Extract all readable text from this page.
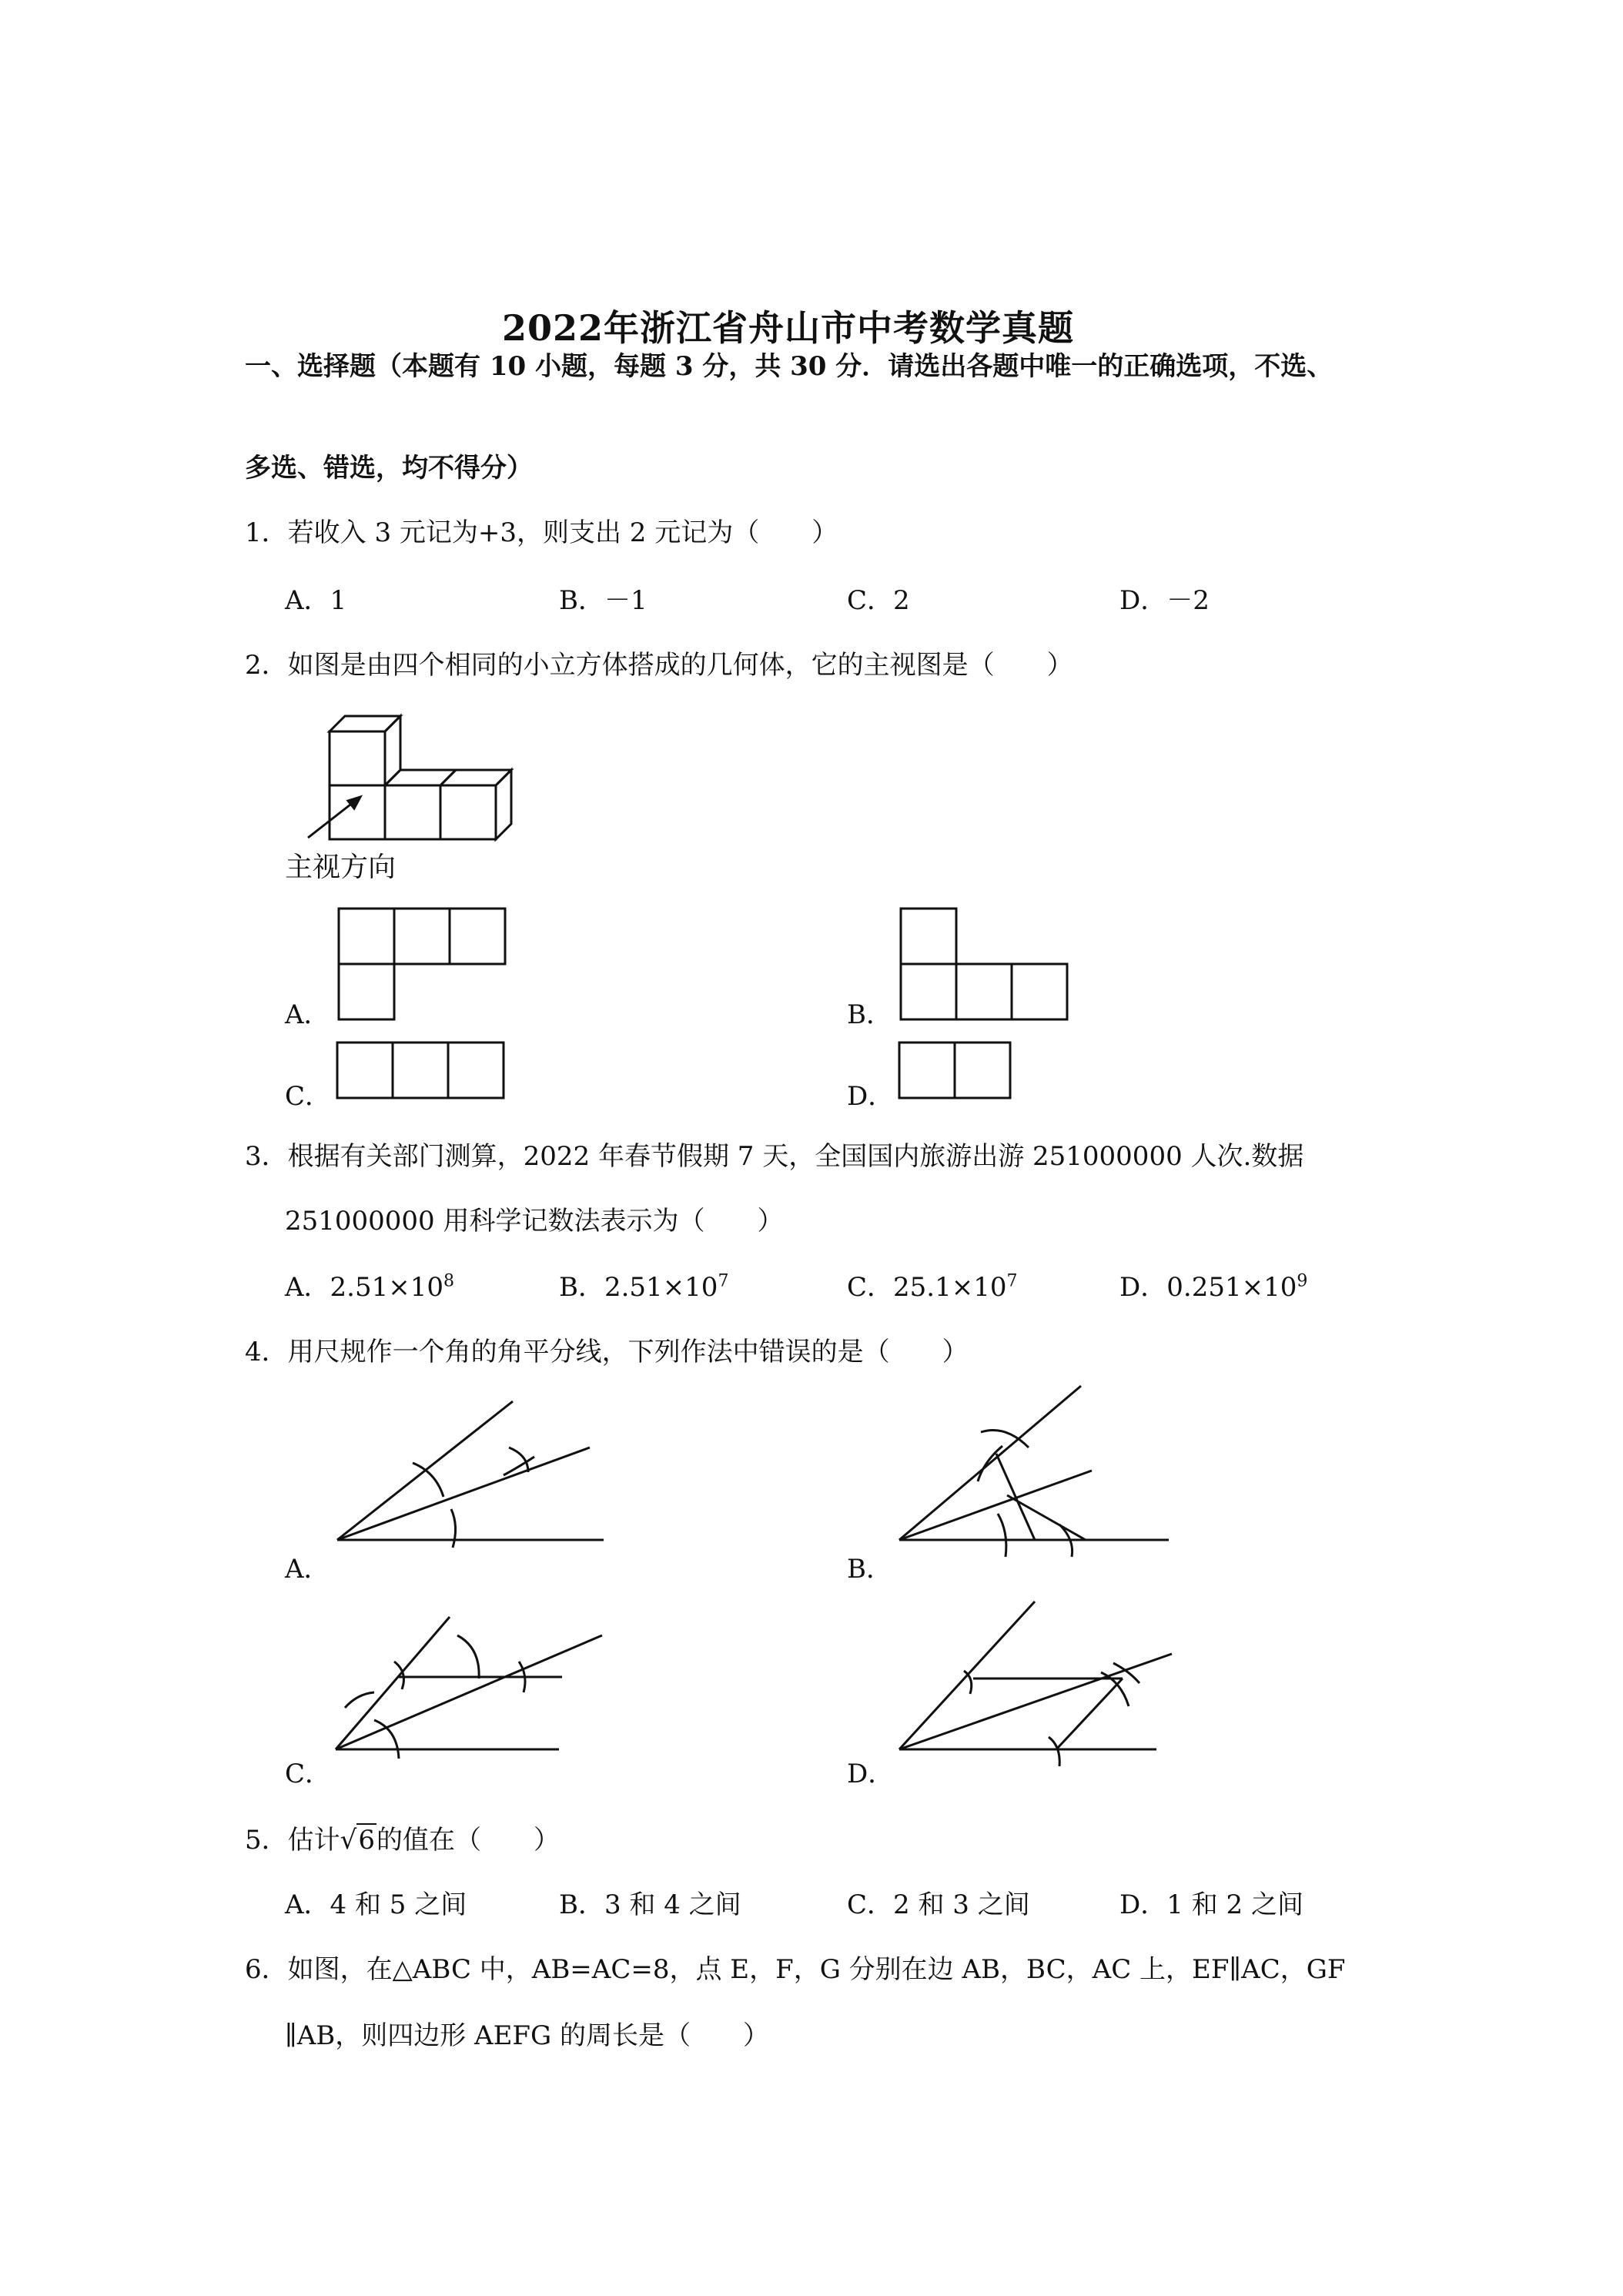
2022年浙江省舟山市中考数学真题
一、选择题（本题有 10 小题，每题 3 分，共 30 分．请选出各题中唯一的正确选项，不选、
多选、错选，均不得分）
1．若收入 3 元记为+3，则支出 2 元记为（　　）
A．1	B．－1	C．2	D．－2
2．如图是由四个相同的小立方体搭成的几何体，它的主视图是（　　）
主视方向
A．	B．
C．	D．
3．根据有关部门测算，2022 年春节假期 7 天，全国国内旅游出游 251000000 人次.数据
251000000 用科学记数法表示为（　　）
A．$2.51\times 10^8$	B．$2.51\times 10^7$	C．$25.1\times 10^7$	D．$0.251\times 10^9$
4．用尺规作一个角的角平分线，下列作法中错误的是（　　）
A．	B．
C．	D．
5．估计√6的值在（　　）
A．4 和 5 之间	B．3 和 4 之间	C．2 和 3 之间	D．1 和 2 之间
6．如图，在△ABC 中，AB=AC=8，点 E，F，G 分别在边 AB，BC，AC 上，EF∥AC，GF
∥AB，则四边形 AEFG 的周长是（　　）
